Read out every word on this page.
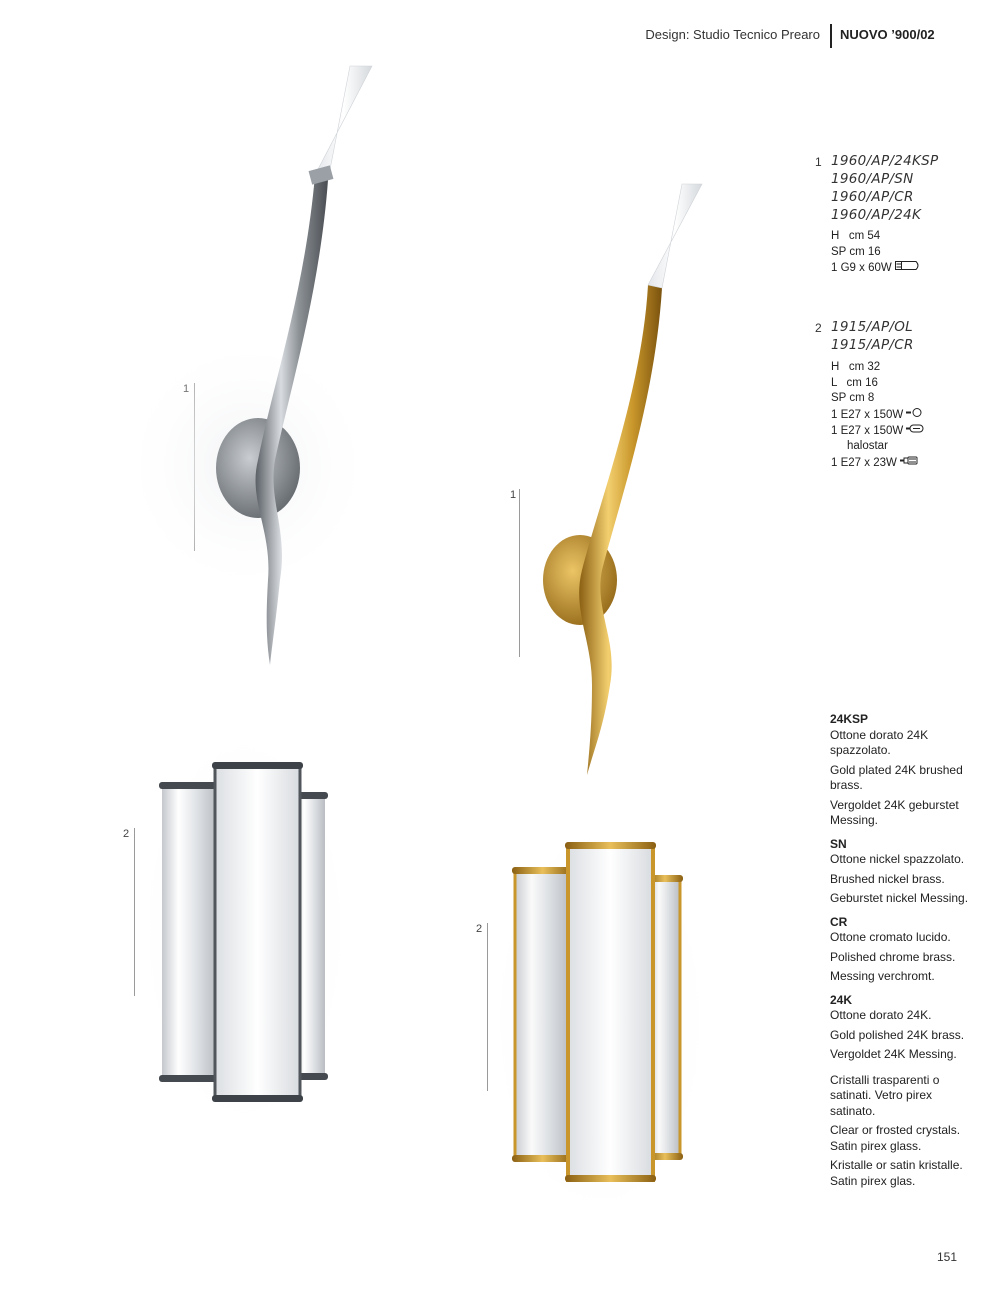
Design: Studio Tecnico Prearo NUOVO ’900/02
1 1960/AP/24KSP
1960/AP/SN
1960/AP/CR
1960/AP/24K
H   cm 54
SP cm 16
1 G9 x 60W
2 1915/AP/OL
1915/AP/CR
H   cm 32
L   cm 16
SP cm 8
1 E27 x 150W
1 E27 x 150W
halostar
1 E27 x 23W
24KSP

Ottone dorato 24K spazzolato.

Gold plated 24K brushed brass.

Vergoldet 24K geburstet Messing.

SN

Ottone nickel spazzolato.

Brushed nickel brass.

Geburstet nickel Messing.

CR

Ottone cromato lucido.

Polished chrome brass.

Messing verchromt.

24K

Ottone dorato 24K.

Gold polished 24K brass.

Vergoldet 24K Messing.

Cristalli trasparenti o satinati. Vetro pirex satinato.

Clear or frosted crystals. Satin pirex glass.

Kristalle or satin kristalle. Satin pirex glas.

1
2
2
151
